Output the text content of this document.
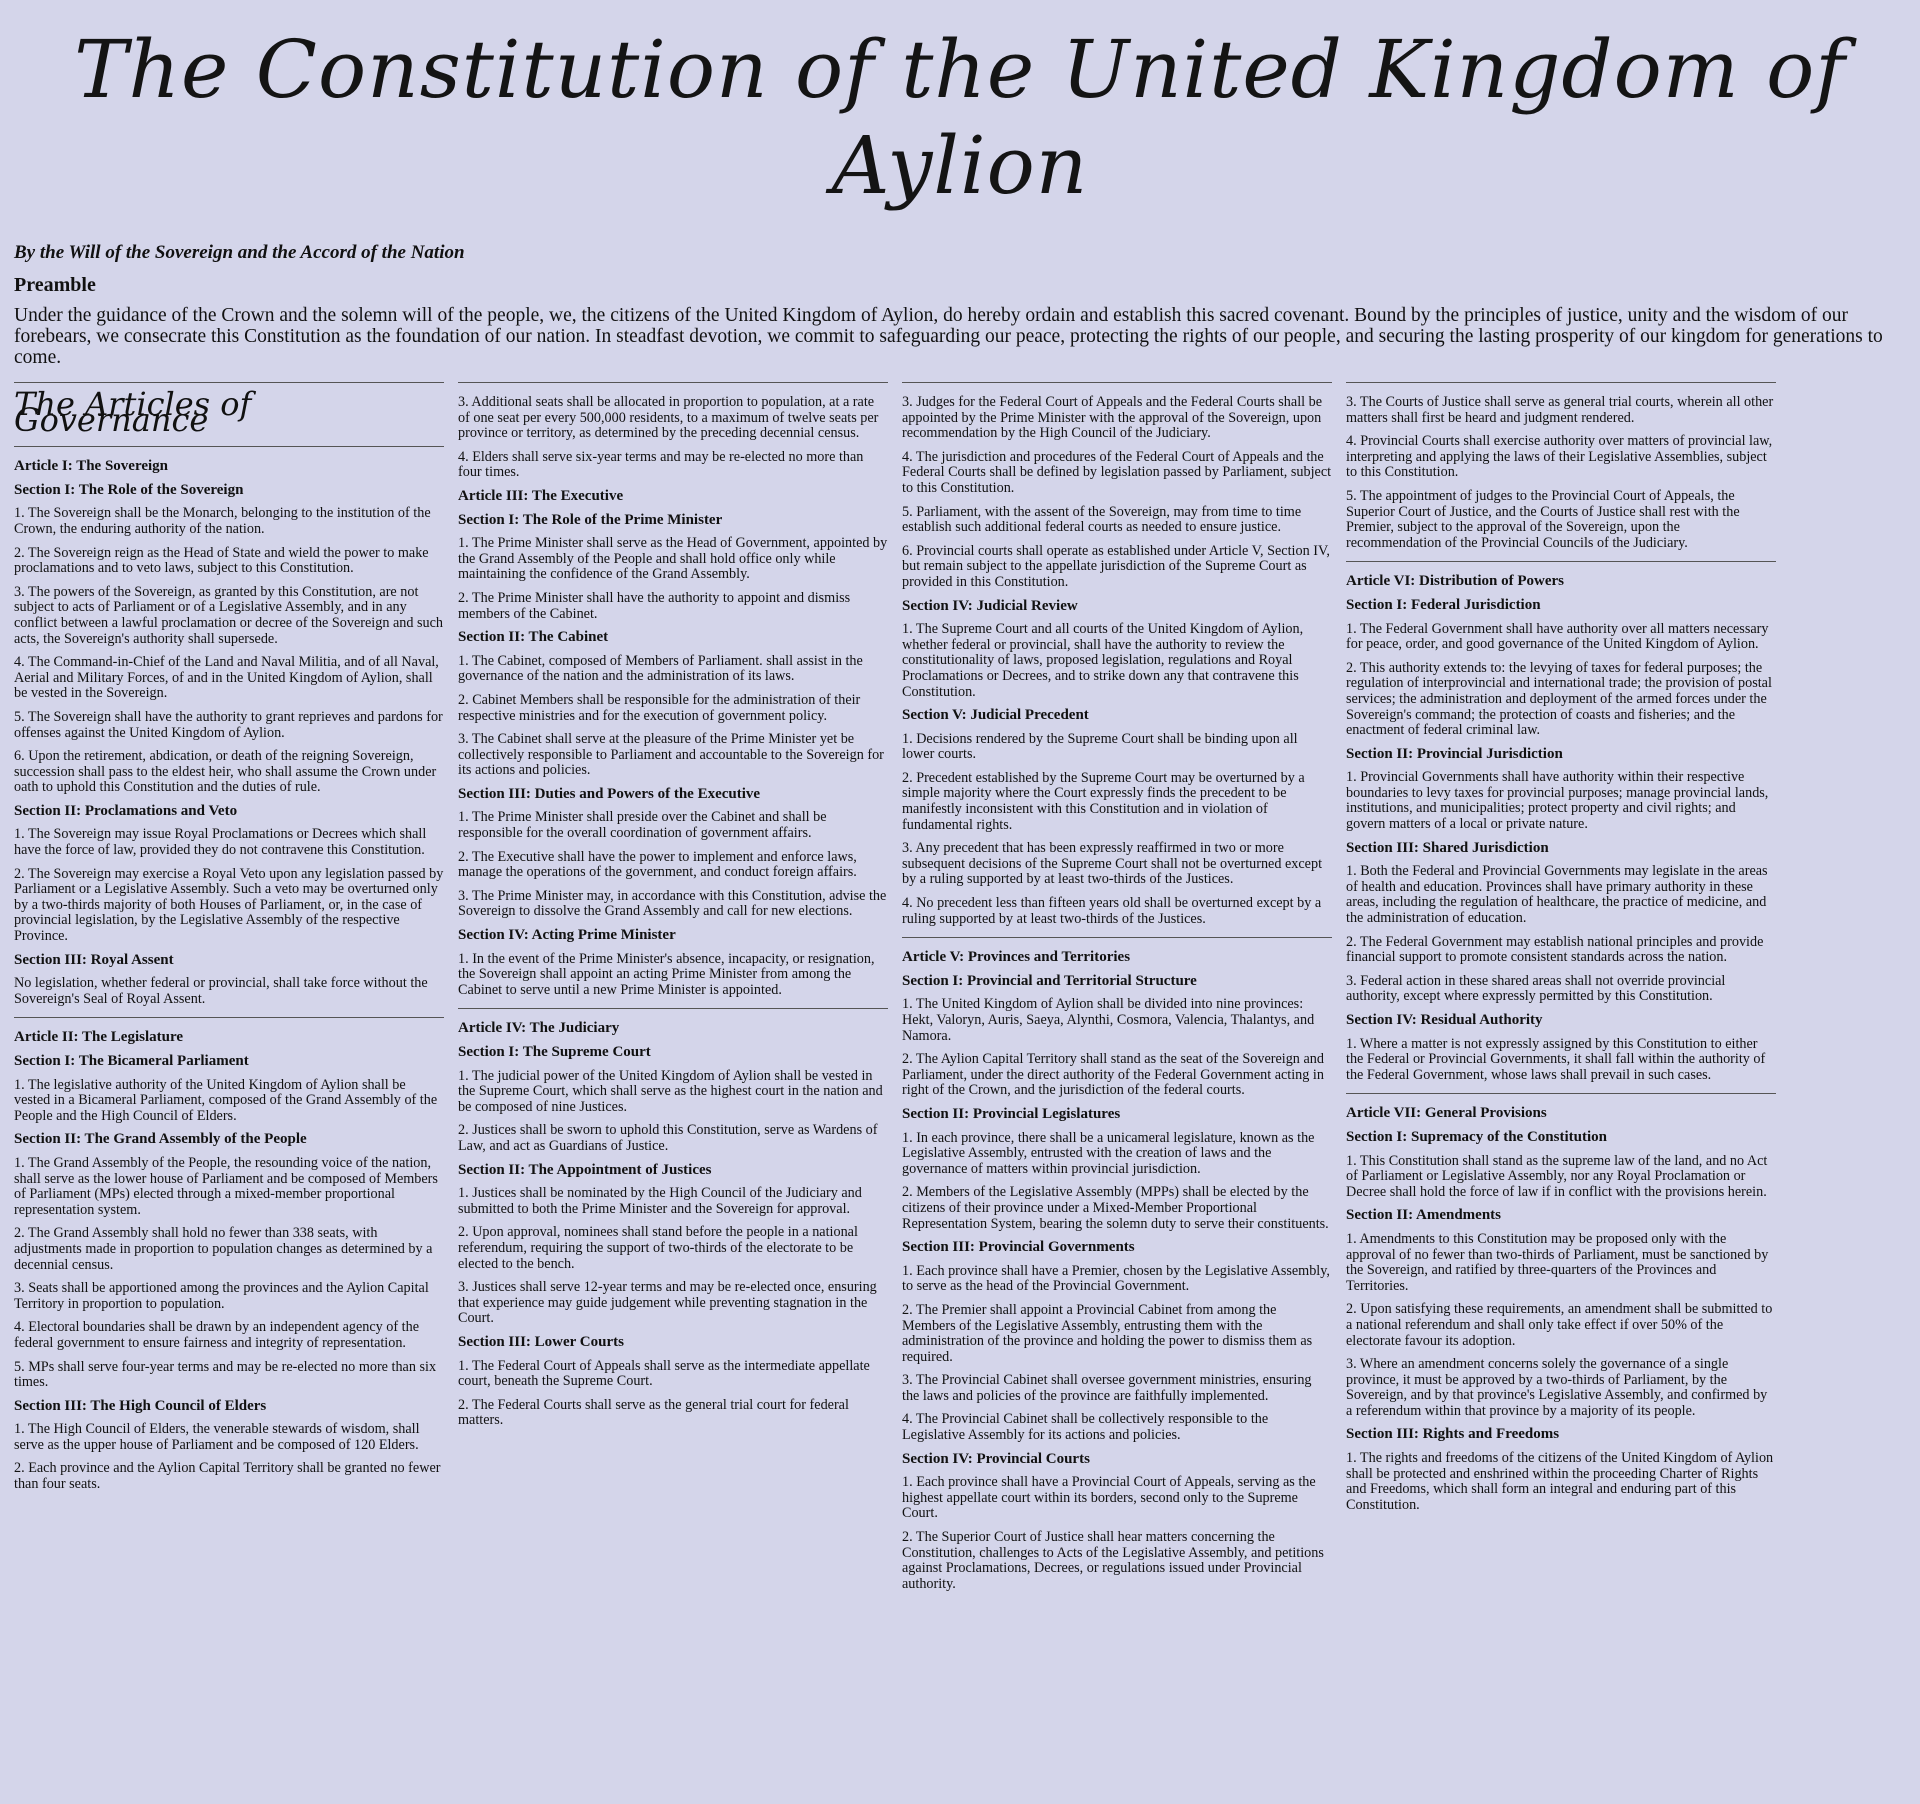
The Constitution of the United Kingdom of Aylion
By the Will of the Sovereign and the Accord of the Nation
Preamble
Under the guidance of the Crown and the solemn will of the people, we, the citizens of the United Kingdom of Aylion, do hereby ordain and establish this sacred covenant. Bound by the principles of justice, unity and the wisdom of our forebears, we consecrate this Constitution as the foundation of our nation. In steadfast devotion, we commit to safeguarding our peace, protecting the rights of our people, and securing the lasting prosperity of our kingdom for generations to come.
The Articles of Governance
Article I: The Sovereign
Section I: The Role of the Sovereign
1. The Sovereign shall be the Monarch, belonging to the institution of the Crown, the enduring authority of the nation.
2. The Sovereign reign as the Head of State and wield the power to make proclamations and to veto laws, subject to this Constitution.
3. The powers of the Sovereign, as granted by this Constitution, are not subject to acts of Parliament or of a Legislative Assembly, and in any conflict between a lawful proclamation or decree of the Sovereign and such acts, the Sovereign's authority shall supersede.
4. The Command-in-Chief of the Land and Naval Militia, and of all Naval, Aerial and Military Forces, of and in the United Kingdom of Aylion, shall be vested in the Sovereign.
5. The Sovereign shall have the authority to grant reprieves and pardons for offenses against the United Kingdom of Aylion.
6. Upon the retirement, abdication, or death of the reigning Sovereign, succession shall pass to the eldest heir, who shall assume the Crown under oath to uphold this Constitution and the duties of rule.
Section II: Proclamations and Veto
1. The Sovereign may issue Royal Proclamations or Decrees which shall have the force of law, provided they do not contravene this Constitution.
2. The Sovereign may exercise a Royal Veto upon any legislation passed by Parliament or a Legislative Assembly. Such a veto may be overturned only by a two-thirds majority of both Houses of Parliament, or, in the case of provincial legislation, by the Legislative Assembly of the respective Province.
Section III: Royal Assent
No legislation, whether federal or provincial, shall take force without the Sovereign's Seal of Royal Assent.
Article II: The Legislature
Section I: The Bicameral Parliament
1. The legislative authority of the United Kingdom of Aylion shall be vested in a Bicameral Parliament, composed of the Grand Assembly of the People and the High Council of Elders.
Section II: The Grand Assembly of the People
1. The Grand Assembly of the People, the resounding voice of the nation, shall serve as the lower house of Parliament and be composed of Members of Parliament (MPs) elected through a mixed-member proportional representation system.
2. The Grand Assembly shall hold no fewer than 338 seats, with adjustments made in proportion to population changes as determined by a decennial census.
3. Seats shall be apportioned among the provinces and the Aylion Capital Territory in proportion to population.
4. Electoral boundaries shall be drawn by an independent agency of the federal government to ensure fairness and integrity of representation.
5. MPs shall serve four-year terms and may be re-elected no more than six times.
Section III: The High Council of Elders
1. The High Council of Elders, the venerable stewards of wisdom, shall serve as the upper house of Parliament and be composed of 120 Elders.
2. Each province and the Aylion Capital Territory shall be granted no fewer than four seats.
3. Additional seats shall be allocated in proportion to population, at a rate of one seat per every 500,000 residents, to a maximum of twelve seats per province or territory, as determined by the preceding decennial census.
4. Elders shall serve six-year terms and may be re-elected no more than four times.
Article III: The Executive
Section I: The Role of the Prime Minister
1. The Prime Minister shall serve as the Head of Government, appointed by the Grand Assembly of the People and shall hold office only while maintaining the confidence of the Grand Assembly.
2. The Prime Minister shall have the authority to appoint and dismiss members of the Cabinet.
Section II: The Cabinet
1. The Cabinet, composed of Members of Parliament. shall assist in the governance of the nation and the administration of its laws.
2. Cabinet Members shall be responsible for the administration of their respective ministries and for the execution of government policy.
3. The Cabinet shall serve at the pleasure of the Prime Minister yet be collectively responsible to Parliament and accountable to the Sovereign for its actions and policies.
Section III: Duties and Powers of the Executive
1. The Prime Minister shall preside over the Cabinet and shall be responsible for the overall coordination of government affairs.
2. The Executive shall have the power to implement and enforce laws, manage the operations of the government, and conduct foreign affairs.
3. The Prime Minister may, in accordance with this Constitution, advise the Sovereign to dissolve the Grand Assembly and call for new elections.
Section IV: Acting Prime Minister
1. In the event of the Prime Minister's absence, incapacity, or resignation, the Sovereign shall appoint an acting Prime Minister from among the Cabinet to serve until a new Prime Minister is appointed.
Article IV: The Judiciary
Section I: The Supreme Court
1. The judicial power of the United Kingdom of Aylion shall be vested in the Supreme Court, which shall serve as the highest court in the nation and be composed of nine Justices.
2. Justices shall be sworn to uphold this Constitution, serve as Wardens of Law, and act as Guardians of Justice.
Section II: The Appointment of Justices
1. Justices shall be nominated by the High Council of the Judiciary and submitted to both the Prime Minister and the Sovereign for approval.
2. Upon approval, nominees shall stand before the people in a national referendum, requiring the support of two-thirds of the electorate to be elected to the bench.
3. Justices shall serve 12-year terms and may be re-elected once, ensuring that experience may guide judgement while preventing stagnation in the Court.
Section III: Lower Courts
1. The Federal Court of Appeals shall serve as the intermediate appellate court, beneath the Supreme Court.
2. The Federal Courts shall serve as the general trial court for federal matters.
3. Judges for the Federal Court of Appeals and the Federal Courts shall be appointed by the Prime Minister with the approval of the Sovereign, upon recommendation by the High Council of the Judiciary.
4. The jurisdiction and procedures of the Federal Court of Appeals and the Federal Courts shall be defined by legislation passed by Parliament, subject to this Constitution.
5. Parliament, with the assent of the Sovereign, may from time to time establish such additional federal courts as needed to ensure justice.
6. Provincial courts shall operate as established under Article V, Section IV, but remain subject to the appellate jurisdiction of the Supreme Court as provided in this Constitution.
Section IV: Judicial Review
1. The Supreme Court and all courts of the United Kingdom of Aylion, whether federal or provincial, shall have the authority to review the constitutionality of laws, proposed legislation, regulations and Royal Proclamations or Decrees, and to strike down any that contravene this Constitution.
Section V: Judicial Precedent
1. Decisions rendered by the Supreme Court shall be binding upon all lower courts.
2. Precedent established by the Supreme Court may be overturned by a simple majority where the Court expressly finds the precedent to be manifestly inconsistent with this Constitution and in violation of fundamental rights.
3. Any precedent that has been expressly reaffirmed in two or more subsequent decisions of the Supreme Court shall not be overturned except by a ruling supported by at least two-thirds of the Justices.
4. No precedent less than fifteen years old shall be overturned except by a ruling supported by at least two-thirds of the Justices.
Article V: Provinces and Territories
Section I: Provincial and Territorial Structure
1. The United Kingdom of Aylion shall be divided into nine provinces: Hekt, Valoryn, Auris, Saeya, Alynthi, Cosmora, Valencia, Thalantys, and Namora.
2. The Aylion Capital Territory shall stand as the seat of the Sovereign and Parliament, under the direct authority of the Federal Government acting in right of the Crown, and the jurisdiction of the federal courts.
Section II: Provincial Legislatures
1. In each province, there shall be a unicameral legislature, known as the Legislative Assembly, entrusted with the creation of laws and the governance of matters within provincial jurisdiction.
2. Members of the Legislative Assembly (MPPs) shall be elected by the citizens of their province under a Mixed-Member Proportional Representation System, bearing the solemn duty to serve their constituents.
Section III: Provincial Governments
1. Each province shall have a Premier, chosen by the Legislative Assembly, to serve as the head of the Provincial Government.
2. The Premier shall appoint a Provincial Cabinet from among the Members of the Legislative Assembly, entrusting them with the administration of the province and holding the power to dismiss them as required.
3. The Provincial Cabinet shall oversee government ministries, ensuring the laws and policies of the province are faithfully implemented.
4. The Provincial Cabinet shall be collectively responsible to the Legislative Assembly for its actions and policies.
Section IV: Provincial Courts
1. Each province shall have a Provincial Court of Appeals, serving as the highest appellate court within its borders, second only to the Supreme Court.
2. The Superior Court of Justice shall hear matters concerning the Constitution, challenges to Acts of the Legislative Assembly, and petitions against Proclamations, Decrees, or regulations issued under Provincial authority.
3. The Courts of Justice shall serve as general trial courts, wherein all other matters shall first be heard and judgment rendered.
4. Provincial Courts shall exercise authority over matters of provincial law, interpreting and applying the laws of their Legislative Assemblies, subject to this Constitution.
5. The appointment of judges to the Provincial Court of Appeals, the Superior Court of Justice, and the Courts of Justice shall rest with the Premier, subject to the approval of the Sovereign, upon the recommendation of the Provincial Councils of the Judiciary.
Article VI: Distribution of Powers
Section I: Federal Jurisdiction
1. The Federal Government shall have authority over all matters necessary for peace, order, and good governance of the United Kingdom of Aylion.
2. This authority extends to: the levying of taxes for federal purposes; the regulation of interprovincial and international trade; the provision of postal services; the administration and deployment of the armed forces under the Sovereign's command; the protection of coasts and fisheries; and the enactment of federal criminal law.
Section II: Provincial Jurisdiction
1. Provincial Governments shall have authority within their respective boundaries to levy taxes for provincial purposes; manage provincial lands, institutions, and municipalities; protect property and civil rights; and govern matters of a local or private nature.
Section III: Shared Jurisdiction
1. Both the Federal and Provincial Governments may legislate in the areas of health and education. Provinces shall have primary authority in these areas, including the regulation of healthcare, the practice of medicine, and the administration of education.
2. The Federal Government may establish national principles and provide financial support to promote consistent standards across the nation.
3. Federal action in these shared areas shall not override provincial authority, except where expressly permitted by this Constitution.
Section IV: Residual Authority
1. Where a matter is not expressly assigned by this Constitution to either the Federal or Provincial Governments, it shall fall within the authority of the Federal Government, whose laws shall prevail in such cases.
Article VII: General Provisions
Section I: Supremacy of the Constitution
1. This Constitution shall stand as the supreme law of the land, and no Act of Parliament or Legislative Assembly, nor any Royal Proclamation or Decree shall hold the force of law if in conflict with the provisions herein.
Section II: Amendments
1. Amendments to this Constitution may be proposed only with the approval of no fewer than two-thirds of Parliament, must be sanctioned by the Sovereign, and ratified by three-quarters of the Provinces and Territories.
2. Upon satisfying these requirements, an amendment shall be submitted to a national referendum and shall only take effect if over 50% of the electorate favour its adoption.
3. Where an amendment concerns solely the governance of a single province, it must be approved by a two-thirds of Parliament, by the Sovereign, and by that province's Legislative Assembly, and confirmed by a referendum within that province by a majority of its people.
Section III: Rights and Freedoms
1. The rights and freedoms of the citizens of the United Kingdom of Aylion shall be protected and enshrined within the proceeding Charter of Rights and Freedoms, which shall form an integral and enduring part of this Constitution.
